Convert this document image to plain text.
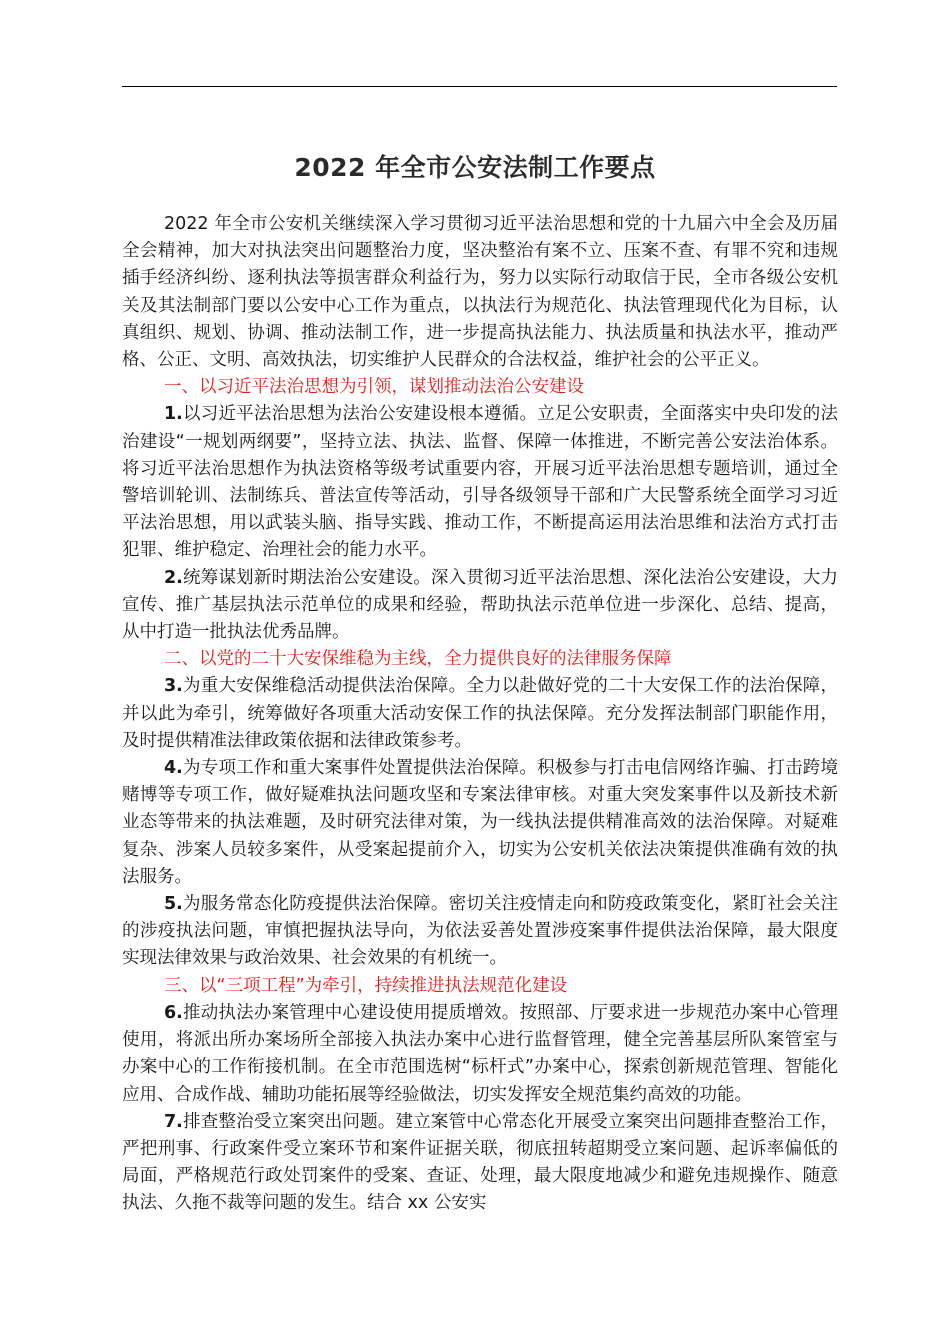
2022 年全市公安法制工作要点

2022 年全市公安机关继续深入学习贯彻习近平法治思想和党的十九届六中全会及历届全会精神，加大对执法突出问题整治力度，坚决整治有案不立、压案不查、有罪不究和违规插手经济纠纷、逐利执法等损害群众利益行为，努力以实际行动取信于民，全市各级公安机关及其法制部门要以公安中心工作为重点，以执法行为规范化、执法管理现代化为目标，认真组织、规划、协调、推动法制工作，进一步提高执法能力、执法质量和执法水平，推动严格、公正、文明、高效执法，切实维护人民群众的合法权益，维护社会的公平正义。

一、以习近平法治思想为引领，谋划推动法治公安建设

1.以习近平法治思想为法治公安建设根本遵循。立足公安职责，全面落实中央印发的法治建设“一规划两纲要”，坚持立法、执法、监督、保障一体推进，不断完善公安法治体系。将习近平法治思想作为执法资格等级考试重要内容，开展习近平法治思想专题培训，通过全警培训轮训、法制练兵、普法宣传等活动，引导各级领导干部和广大民警系统全面学习习近平法治思想，用以武装头脑、指导实践、推动工作，不断提高运用法治思维和法治方式打击犯罪、维护稳定、治理社会的能力水平。

2.统筹谋划新时期法治公安建设。深入贯彻习近平法治思想、深化法治公安建设，大力宣传、推广基层执法示范单位的成果和经验，帮助执法示范单位进一步深化、总结、提高，从中打造一批执法优秀品牌。

二、以党的二十大安保维稳为主线，全力提供良好的法律服务保障

3.为重大安保维稳活动提供法治保障。全力以赴做好党的二十大安保工作的法治保障，并以此为牵引，统筹做好各项重大活动安保工作的执法保障。充分发挥法制部门职能作用，及时提供精准法律政策依据和法律政策参考。

4.为专项工作和重大案事件处置提供法治保障。积极参与打击电信网络诈骗、打击跨境赌博等专项工作，做好疑难执法问题攻坚和专案法律审核。对重大突发案事件以及新技术新业态等带来的执法难题，及时研究法律对策，为一线执法提供精准高效的法治保障。对疑难复杂、涉案人员较多案件，从受案起提前介入，切实为公安机关依法决策提供准确有效的执法服务。

5.为服务常态化防疫提供法治保障。密切关注疫情走向和防疫政策变化，紧盯社会关注的涉疫执法问题，审慎把握执法导向，为依法妥善处置涉疫案事件提供法治保障，最大限度实现法律效果与政治效果、社会效果的有机统一。

三、以“三项工程”为牵引，持续推进执法规范化建设

6.推动执法办案管理中心建设使用提质增效。按照部、厅要求进一步规范办案中心管理使用，将派出所办案场所全部接入执法办案中心进行监督管理，健全完善基层所队案管室与办案中心的工作衔接机制。在全市范围选树“标杆式”办案中心，探索创新规范管理、智能化应用、合成作战、辅助功能拓展等经验做法，切实发挥安全规范集约高效的功能。

7.排查整治受立案突出问题。建立案管中心常态化开展受立案突出问题排查整治工作，严把刑事、行政案件受立案环节和案件证据关联，彻底扭转超期受立案问题、起诉率偏低的局面，严格规范行政处罚案件的受案、查证、处理，最大限度地减少和避免违规操作、随意执法、久拖不裁等问题的发生。结合 xx 公安实
